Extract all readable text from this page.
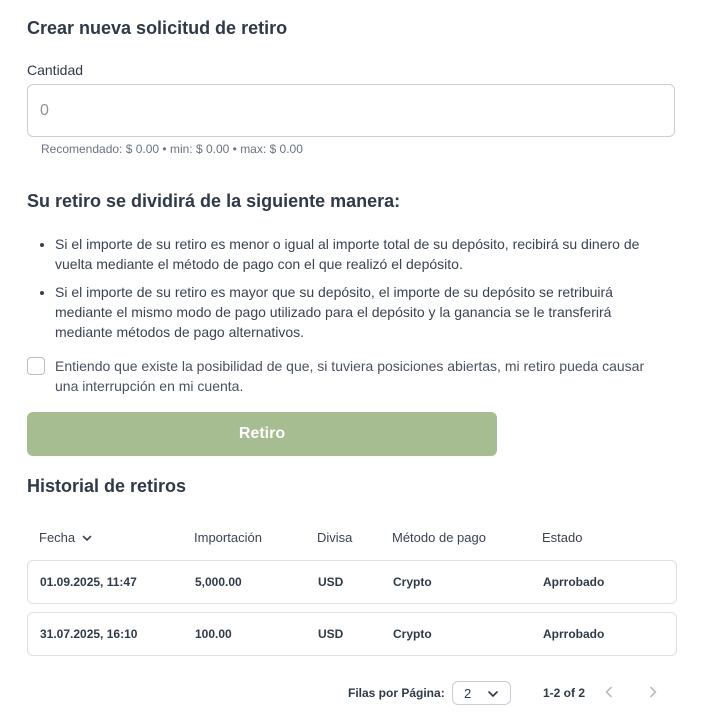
Crear nueva solicitud de retiro
Cantidad
0
Recomendado: $ 0.00 • min: $ 0.00 • max: $ 0.00
Su retiro se dividirá de la siguiente manera:
• Si el importe de su retiro es menor o igual al importe total de su depósito, recibirá su dinero de vuelta mediante el método de pago con el que realizó el depósito.
• Si el importe de su retiro es mayor que su depósito, el importe de su depósito se retribuirá mediante el mismo modo de pago utilizado para el depósito y la ganancia se le transferirá mediante métodos de pago alternativos.
Entiendo que existe la posibilidad de que, si tuviera posiciones abiertas, mi retiro pueda causar una interrupción en mi cuenta.
Retiro
Historial de retiros
Fecha	Importación	Divisa	Método de pago	Estado
01.09.2025, 11:47	5,000.00	USD	Crypto	Aprrobado
31.07.2025, 16:10	100.00	USD	Crypto	Aprrobado
Filas por Página: 2	1-2 of 2
